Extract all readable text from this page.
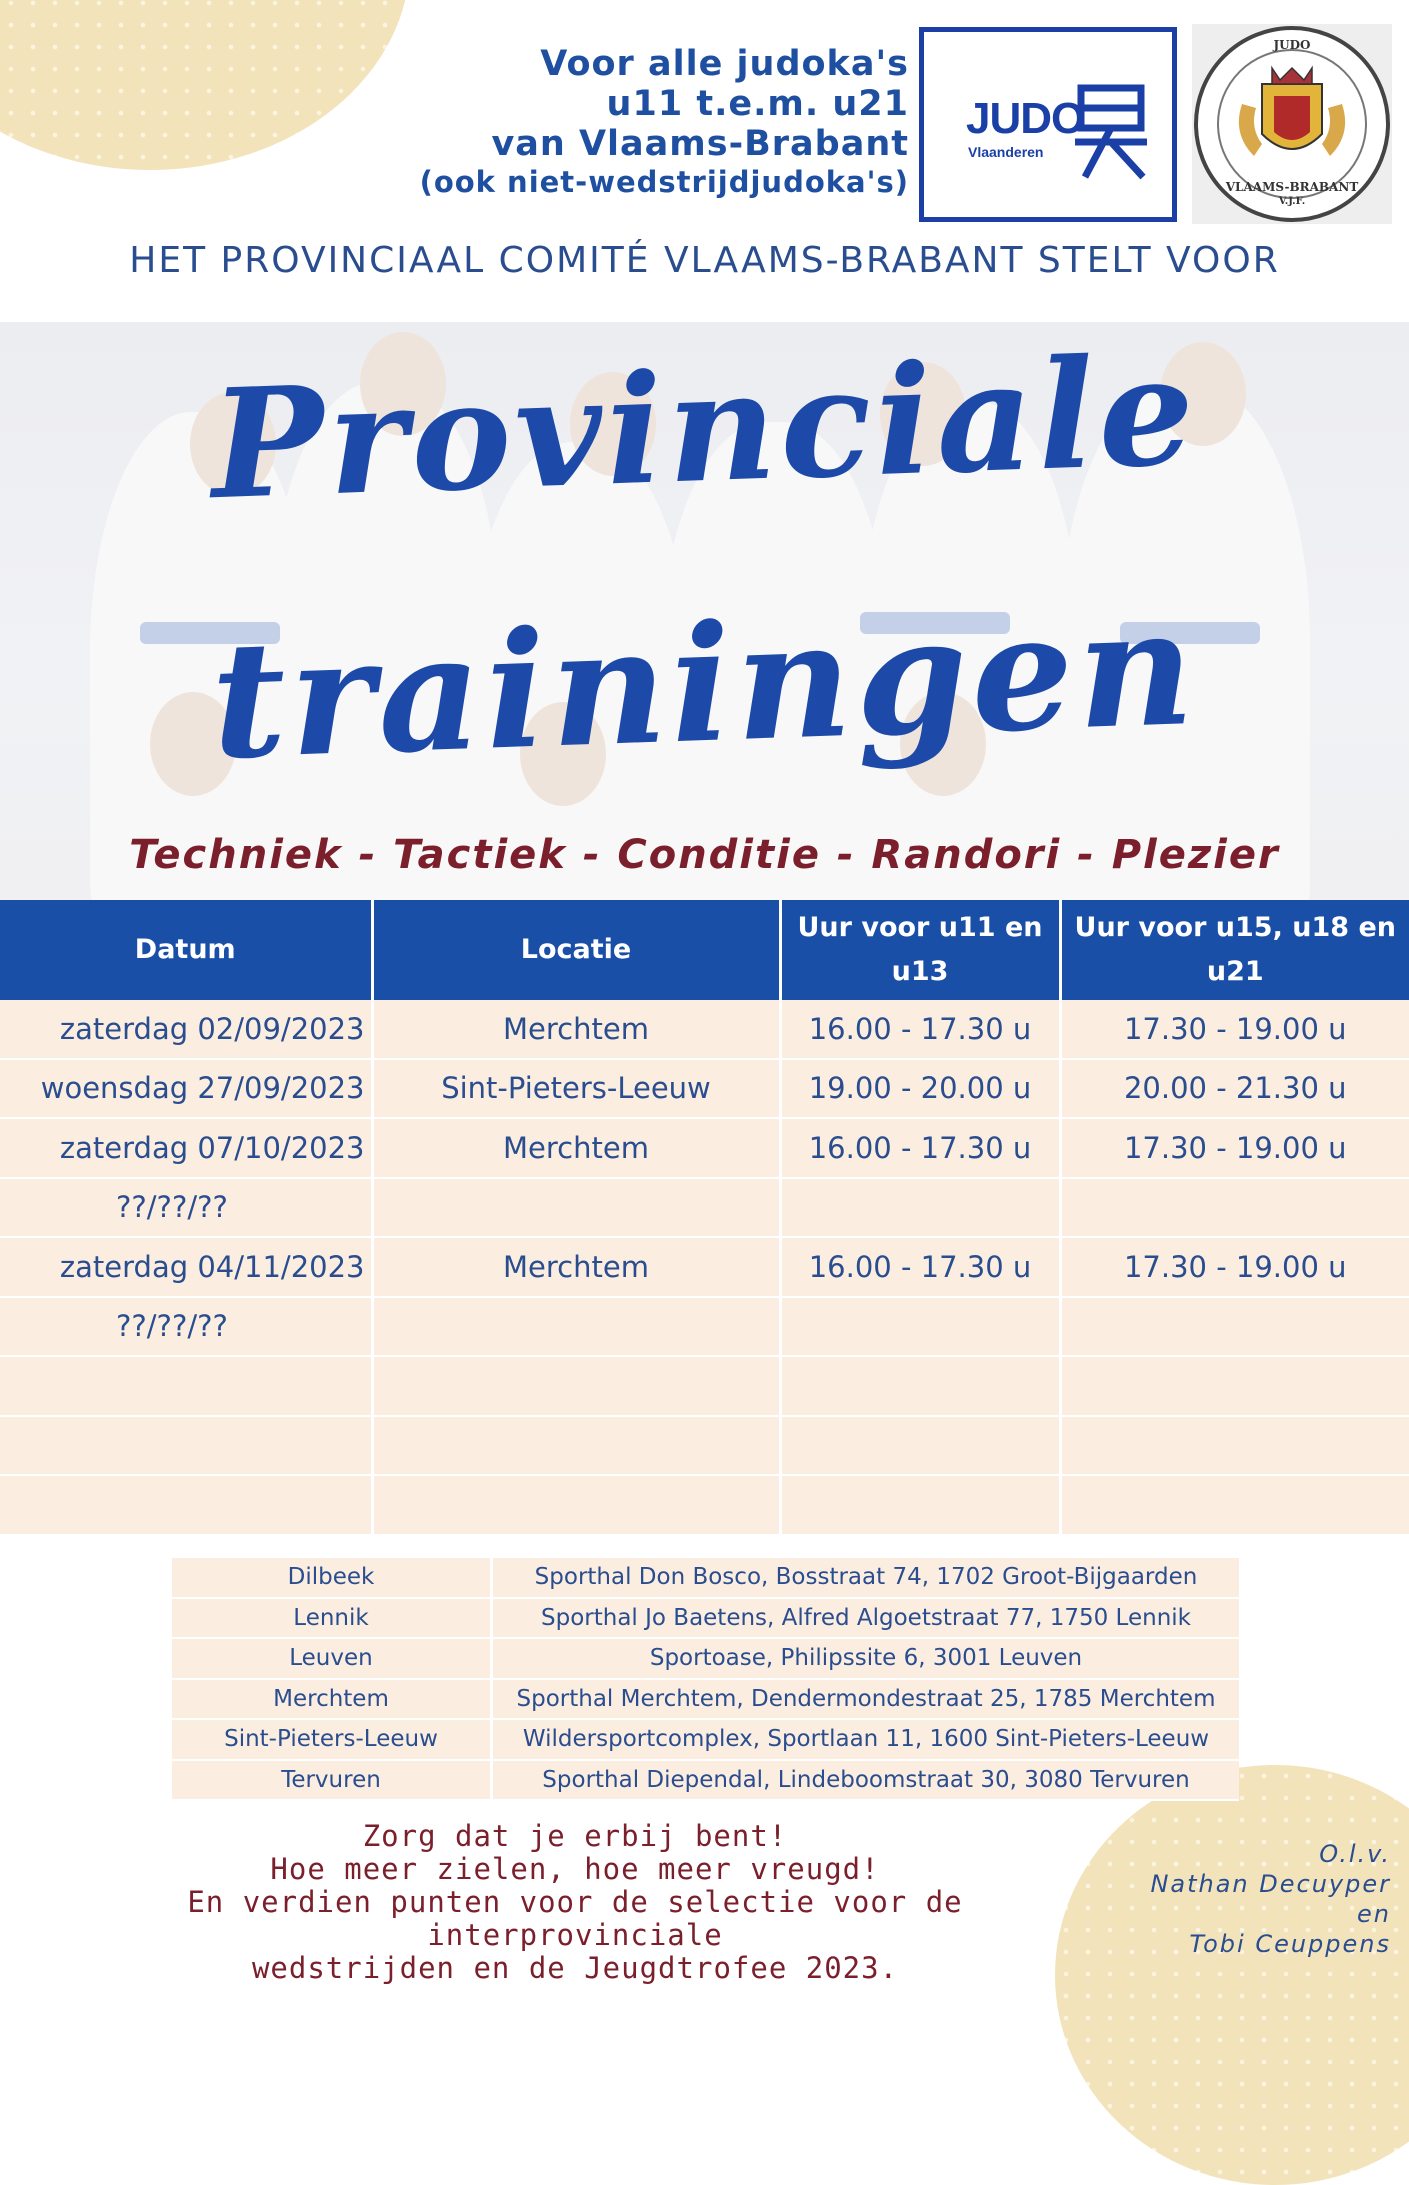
Voor alle judoka's
u11 t.e.m. u21
van Vlaams-Brabant
(ook niet-wedstrijdjudoka's)
JUDO
Vlaanderen
JUDO
VLAAMS-BRABANT
V.J.F.
HET PROVINCIAAL COMITÉ VLAAMS-BRABANT STELT VOOR
Provinciale
trainingen
Techniek - Tactiek - Conditie - Randori - Plezier
Datum	Locatie	Uur voor u11 en u13	Uur voor u15, u18 en u21
zaterdag 02/09/2023	Merchtem	16.00 - 17.30 u	17.30 - 19.00 u
woensdag 27/09/2023	Sint-Pieters-Leeuw	19.00 - 20.00 u	20.00 - 21.30 u
zaterdag 07/10/2023	Merchtem	16.00 - 17.30 u	17.30 - 19.00 u
??/??/??			
zaterdag 04/11/2023	Merchtem	16.00 - 17.30 u	17.30 - 19.00 u
??/??/??			

Dilbeek	Sporthal Don Bosco, Bosstraat 74, 1702 Groot-Bijgaarden
Lennik	Sporthal Jo Baetens, Alfred Algoetstraat 77, 1750 Lennik
Leuven	Sportoase, Philipssite 6, 3001 Leuven
Merchtem	Sporthal Merchtem, Dendermondestraat 25, 1785 Merchtem
Sint-Pieters-Leeuw	Wildersportcomplex, Sportlaan 11, 1600 Sint-Pieters-Leeuw
Tervuren	Sporthal Diependal, Lindeboomstraat 30, 3080 Tervuren
Zorg dat je erbij bent!
Hoe meer zielen, hoe meer vreugd!
En verdien punten voor de selectie voor de interprovinciale
wedstrijden en de Jeugdtrofee 2023.
O.l.v.
Nathan Decuyper
en
Tobi Ceuppens
